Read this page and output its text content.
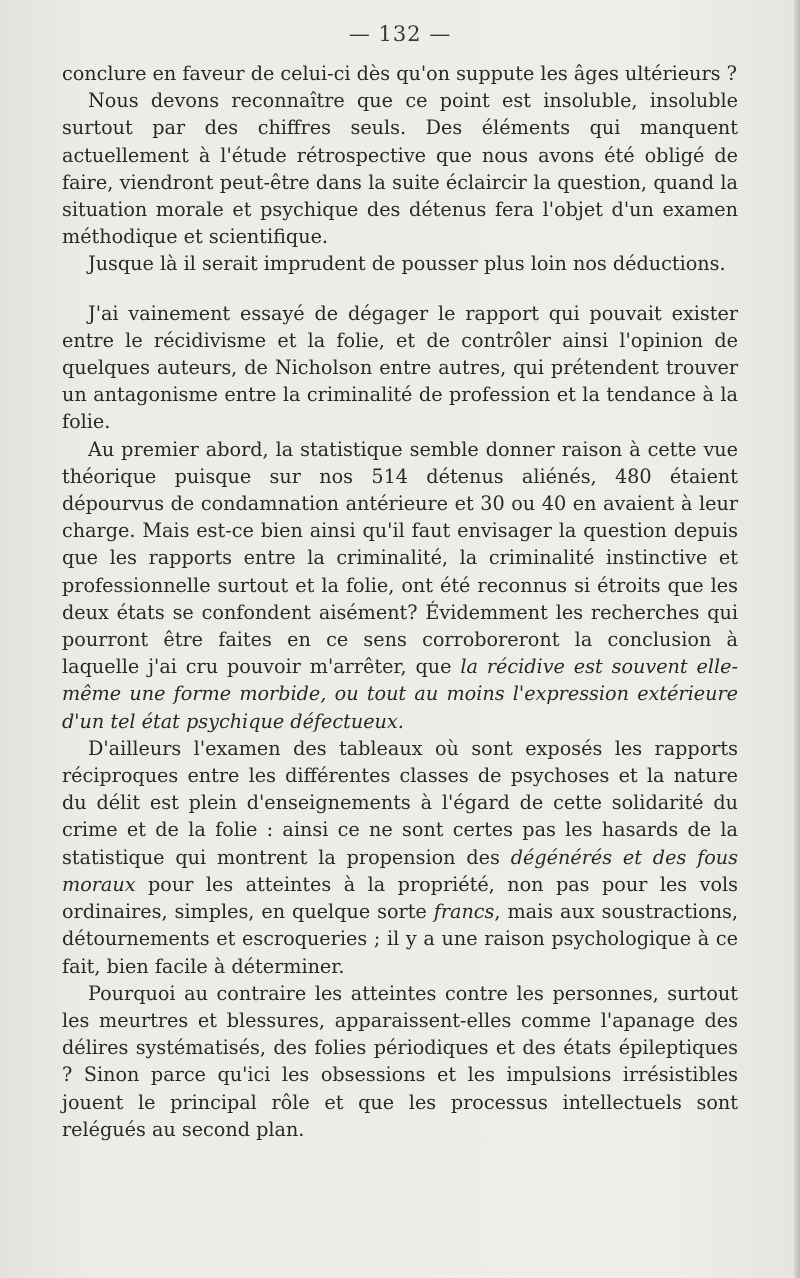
— 132 —

conclure en faveur de celui-ci dès qu'on suppute les âges ultérieurs ?

Nous devons reconnaître que ce point est insoluble, insoluble surtout par des chiffres seuls. Des éléments qui manquent actuellement à l'étude rétrospective que nous avons été obligé de faire, viendront peut-être dans la suite éclaircir la question, quand la situation morale et psychique des détenus fera l'objet d'un examen méthodique et scientifique.

Jusque là il serait imprudent de pousser plus loin nos déductions.

J'ai vainement essayé de dégager le rapport qui pouvait exister entre le récidivisme et la folie, et de contrôler ainsi l'opinion de quelques auteurs, de Nicholson entre autres, qui prétendent trouver un antagonisme entre la criminalité de profession et la tendance à la folie.

Au premier abord, la statistique semble donner raison à cette vue théorique puisque sur nos 514 détenus aliénés, 480 étaient dépourvus de condamnation antérieure et 30 ou 40 en avaient à leur charge. Mais est-ce bien ainsi qu'il faut envisager la question depuis que les rapports entre la criminalité, la criminalité instinctive et professionnelle surtout et la folie, ont été reconnus si étroits que les deux états se confondent aisément? Évidemment les recherches qui pourront être faites en ce sens corroboreront la conclusion à laquelle j'ai cru pouvoir m'arrêter, que la récidive est souvent elle-même une forme morbide, ou tout au moins l'expression extérieure d'un tel état psychique défectueux.

D'ailleurs l'examen des tableaux où sont exposés les rapports réciproques entre les différentes classes de psychoses et la nature du délit est plein d'enseignements à l'égard de cette solidarité du crime et de la folie : ainsi ce ne sont certes pas les hasards de la statistique qui montrent la propension des dégénérés et des fous moraux pour les atteintes à la propriété, non pas pour les vols ordinaires, simples, en quelque sorte francs, mais aux soustractions, détournements et escroqueries ; il y a une raison psychologique à ce fait, bien facile à déterminer.

Pourquoi au contraire les atteintes contre les personnes, surtout les meurtres et blessures, apparaissent-elles comme l'apanage des délires systématisés, des folies périodiques et des états épileptiques ? Sinon parce qu'ici les obsessions et les impulsions irrésistibles jouent le principal rôle et que les processus intellectuels sont relégués au second plan.
